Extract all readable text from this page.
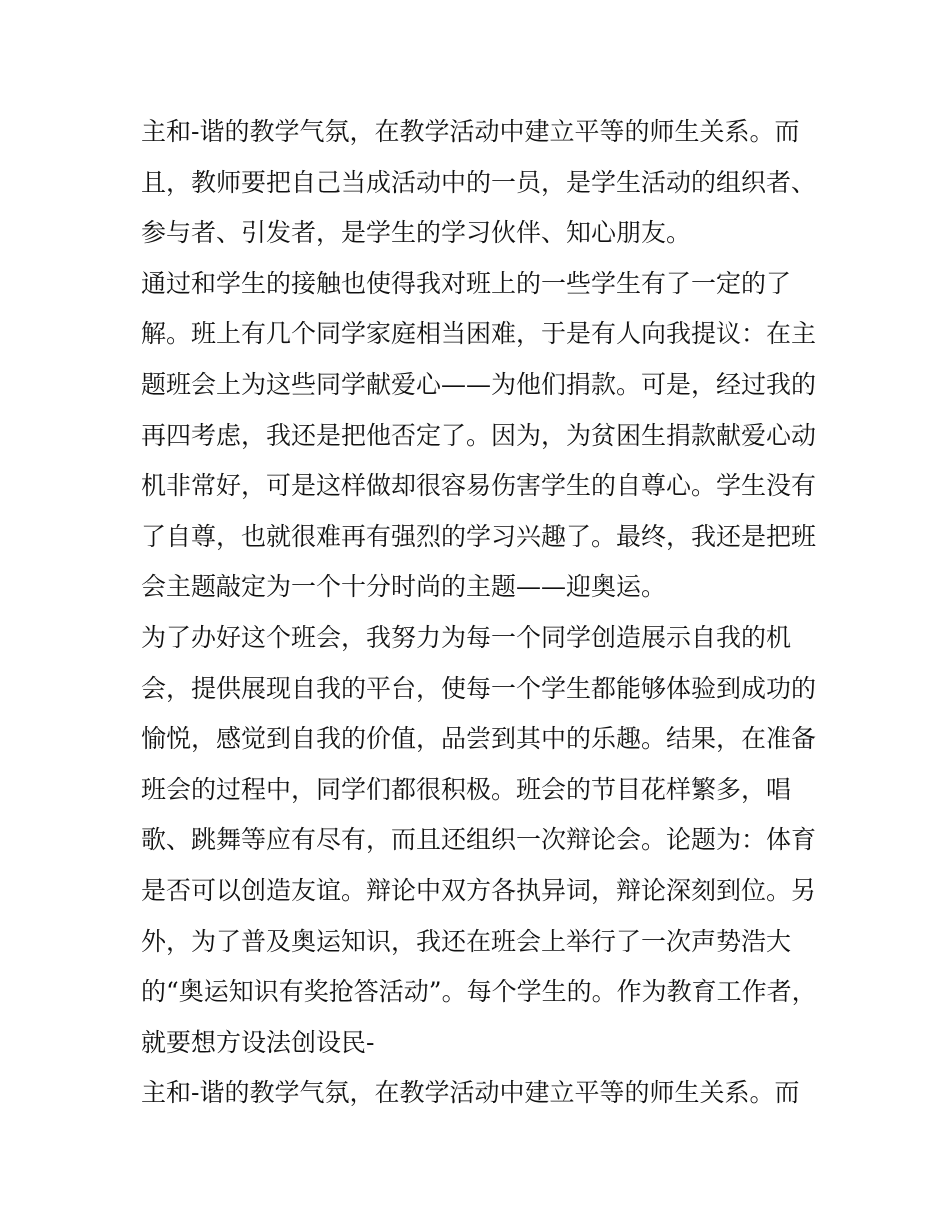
主和-谐的教学气氛，在教学活动中建立平等的师生关系。而
且，教师要把自己当成活动中的一员，是学生活动的组织者、
参与者、引发者，是学生的学习伙伴、知心朋友。
通过和学生的接触也使得我对班上的一些学生有了一定的了
解。班上有几个同学家庭相当困难，于是有人向我提议：在主
题班会上为这些同学献爱心——为他们捐款。可是，经过我的
再四考虑，我还是把他否定了。因为，为贫困生捐款献爱心动
机非常好，可是这样做却很容易伤害学生的自尊心。学生没有
了自尊，也就很难再有强烈的学习兴趣了。最终，我还是把班
会主题敲定为一个十分时尚的主题——迎奥运。
为了办好这个班会，我努力为每一个同学创造展示自我的机
会，提供展现自我的平台，使每一个学生都能够体验到成功的
愉悦，感觉到自我的价值，品尝到其中的乐趣。结果，在准备
班会的过程中，同学们都很积极。班会的节目花样繁多，唱
歌、跳舞等应有尽有，而且还组织一次辩论会。论题为：体育
是否可以创造友谊。辩论中双方各执异词，辩论深刻到位。另
外，为了普及奥运知识，我还在班会上举行了一次声势浩大
的“奥运知识有奖抢答活动”。每个学生的。作为教育工作者，
就要想方设法创设民-
主和-谐的教学气氛，在教学活动中建立平等的师生关系。而
